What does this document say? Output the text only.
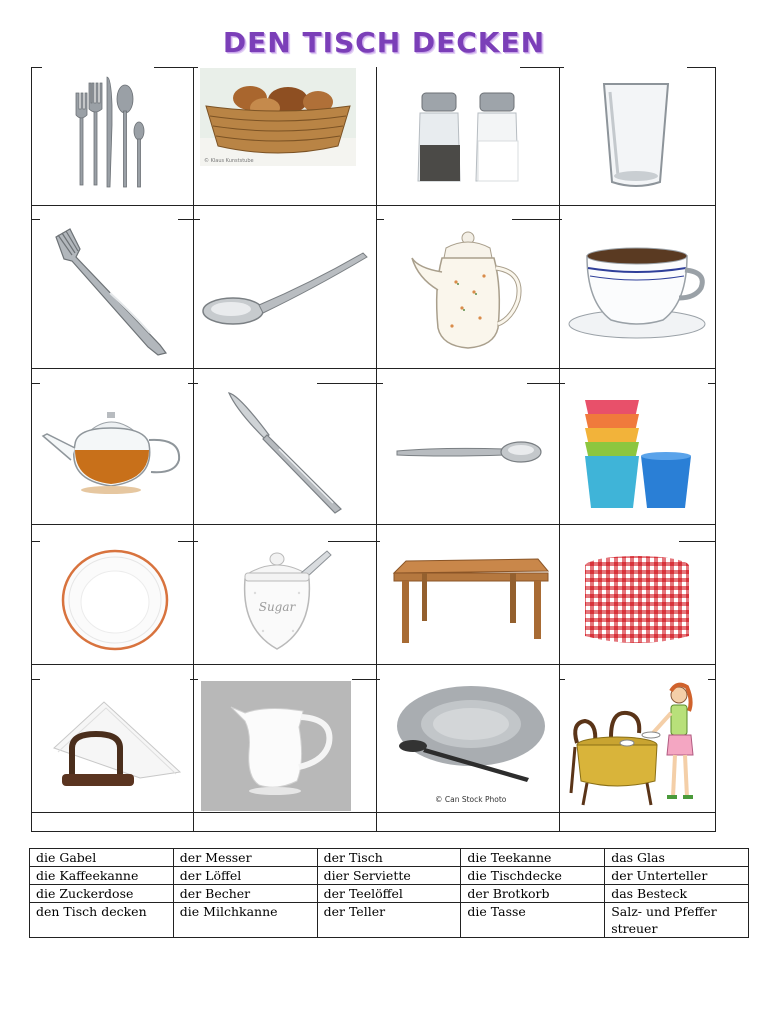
DEN TISCH DECKEN
© Klaus Kunststube
Sugar
© Can Stock Photo
die Gabel	der Messer	der Tisch	die Teekanne	das Glas
die Kaffeekanne	der Löffel	dier Serviette	die Tischdecke	der Unterteller
die Zuckerdose	der Becher	der Teelöffel	der Brotkorb	das Besteck
den Tisch decken	die Milchkanne	der Teller	die Tasse	Salz- und Pfeffer streuer
